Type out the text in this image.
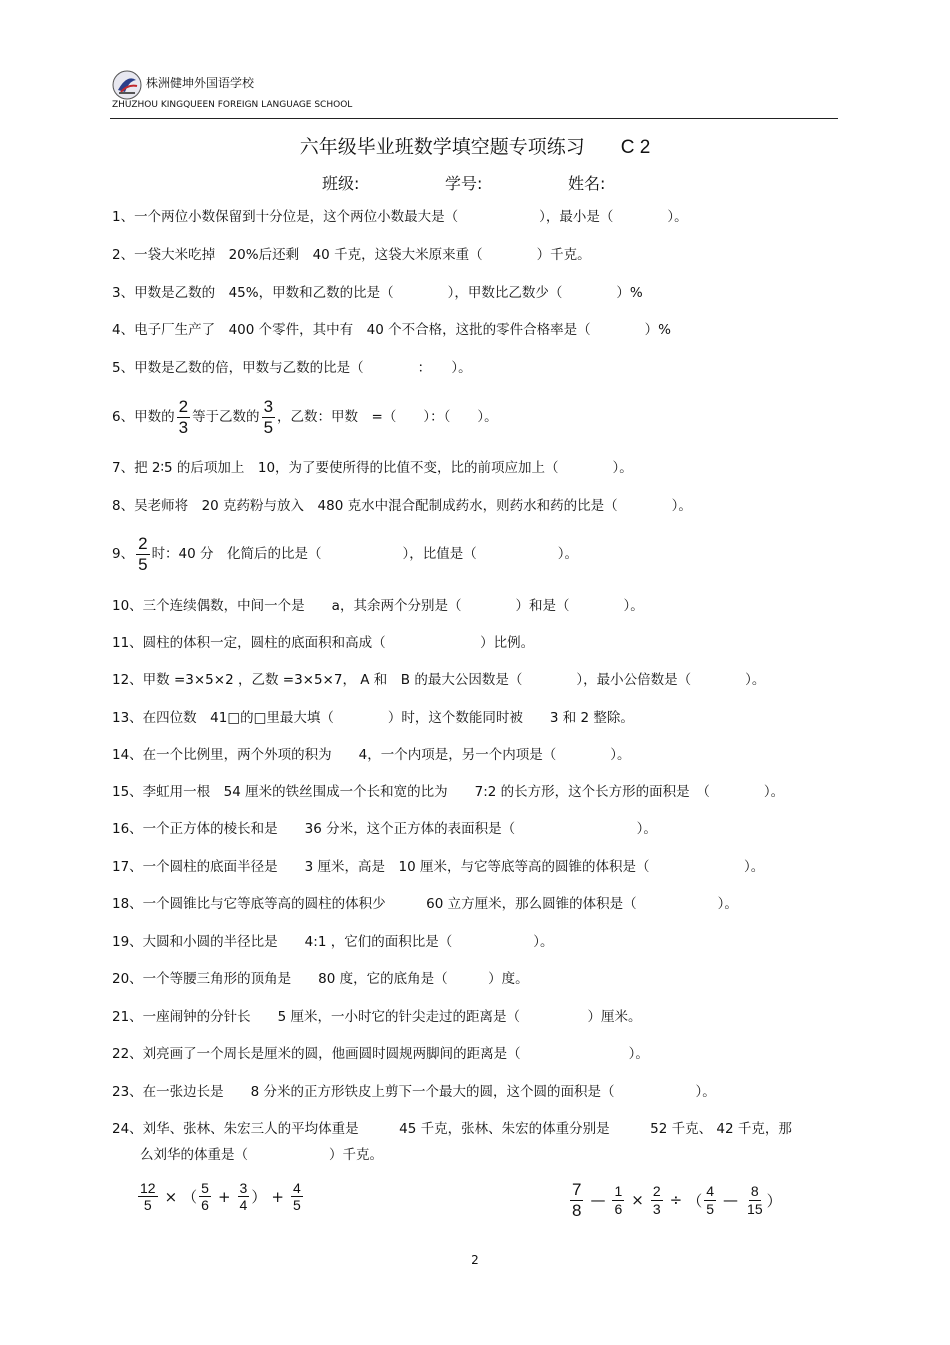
株洲健坤外国语学校
ZHUZHOU KINGQUEEN FOREIGN LANGUAGE SCHOOL
六年级毕业班数学填空题专项练习 C 2
班级:	学号:	姓名:
1、一个两位小数保留到十分位是，这个两位小数最大是（　　　　　　），最小是（　　　　）。
2、一袋大米吃掉　20%后还剩　40 千克，这袋大米原来重（　　　　）千克。
3、甲数是乙数的　45%，甲数和乙数的比是（　　　　），甲数比乙数少（　　　　）%
4、电子厂生产了　400 个零件，其中有　40 个不合格，这批的零件合格率是（　　　　）%
5、甲数是乙数的倍，甲数与乙数的比是（　　　　：　　）。
6、甲数的 $\frac{2}{3}$ 等于乙数的 $\frac{3}{5}$ ，乙数：甲数　=（　　）：（　　）。
7、把 2∶5 的后项加上　10，为了要使所得的比值不变，比的前项应加上（　　　　）。
8、吴老师将　20 克药粉与放入　480 克水中混合配制成药水，则药水和药的比是（　　　　）。
9、 $\frac{2}{5}$ 时：40 分　化简后的比是（　　　　　　），比值是（　　　　　　）。
10、三个连续偶数，中间一个是　　a，其余两个分别是（　　　　）和是（　　　　）。
11、圆柱的体积一定，圆柱的底面积和高成（　　　　　　　）比例。
12、甲数 =3×5×2 ，乙数 =3×5×7， A 和　B 的最大公因数是（　　　　），最小公倍数是（　　　　）。
13、在四位数　41□的□里最大填（　　　　）时，这个数能同时被　　3 和 2 整除。
14、在一个比例里，两个外项的积为　　4，一个内项是，另一个内项是（　　　　）。
15、李虹用一根　54 厘米的铁丝围成一个长和宽的比为　　7:2 的长方形，这个长方形的面积是　（　　　　）。
16、一个正方体的棱长和是　　36 分米，这个正方体的表面积是（　　　　　　　　　）。
17、一个圆柱的底面半径是　　3 厘米，高是　10 厘米，与它等底等高的圆锥的体积是（　　　　　　　）。
18、一个圆锥比与它等底等高的圆柱的体积少　　　60 立方厘米，那么圆锥的体积是（　　　　　　）。
19、大圆和小圆的半径比是　　4:1 ，它们的面积比是（　　　　　　）。
20、一个等腰三角形的顶角是　　80 度，它的底角是（　　　）度。
21、一座闹钟的分针长　　5 厘米，一小时它的针尖走过的距离是（　　　　　）厘米。
22、刘亮画了一个周长是厘米的圆，他画圆时圆规两脚间的距离是（　　　　　　　　）。
23、在一张边长是　　8 分米的正方形铁皮上剪下一个最大的圆，这个圆的面积是（　　　　　　）。
24、刘华、张林、朱宏三人的平均体重是　　　45 千克，张林、朱宏的体重分别是　　　52 千克、 42 千克，那
么刘华的体重是（　　　　　　）千克。
$\frac{12}{5}$ × （ $\frac{5}{6} + \frac{3}{4}$ ） + $\frac{4}{5}$	$\frac{7}{8}$ — $\frac{1}{6} \times \frac{2}{3}$ ÷ （ $\frac{4}{5}$ — $\frac{8}{15}$ ）
2
